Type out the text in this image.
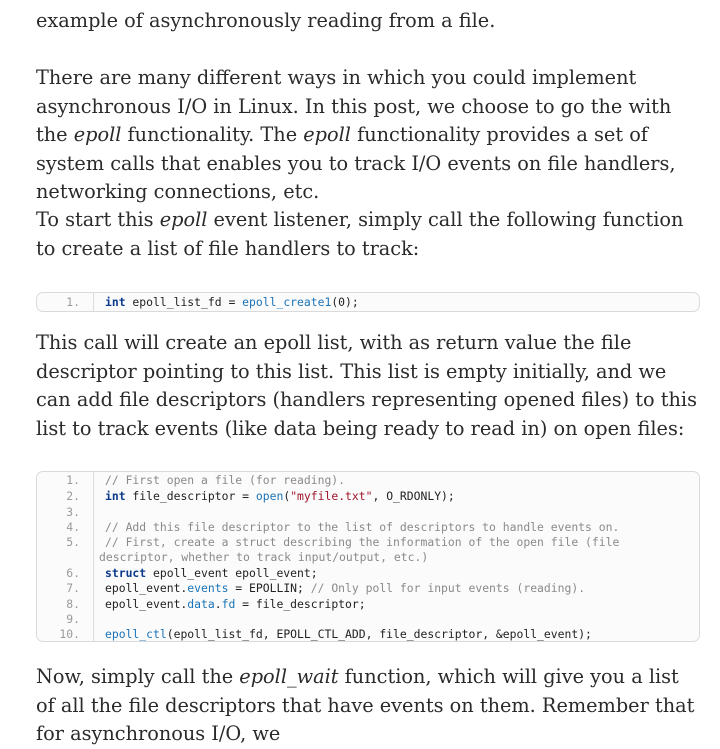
example of asynchronously reading from a file.

There are many different ways in which you could implement asynchronous I/O in Linux. In this post, we choose to go the with the epoll functionality. The epoll functionality provides a set of system calls that enables you to track I/O events on file handlers, networking connections, etc.

To start this epoll event listener, simply call the following function to create a list of file handlers to track:

1. int epoll_list_fd = epoll_create1(0);

This call will create an epoll list, with as return value the file descriptor pointing to this list. This list is empty initially, and we can add file descriptors (handlers representing opened files) to this list to track events (like data being ready to read in) on open files:

1. // First open a file (for reading).
2. int file_descriptor = open("myfile.txt", O_RDONLY);
3.
4. // Add this file descriptor to the list of descriptors to handle events on.
5.	// First, create a struct describing the information of the open file (file descriptor, whether to track input/output, etc.)
6. struct epoll_event epoll_event;
7. epoll_event.events = EPOLLIN; // Only poll for input events (reading).
8. epoll_event.data.fd = file_descriptor;
9.
10. epoll_ctl(epoll_list_fd, EPOLL_CTL_ADD, file_descriptor, &epoll_event);

Now, simply call the epoll_wait function, which will give you a list of all the file descriptors that have events on them. Remember that for asynchronous I/O, we
